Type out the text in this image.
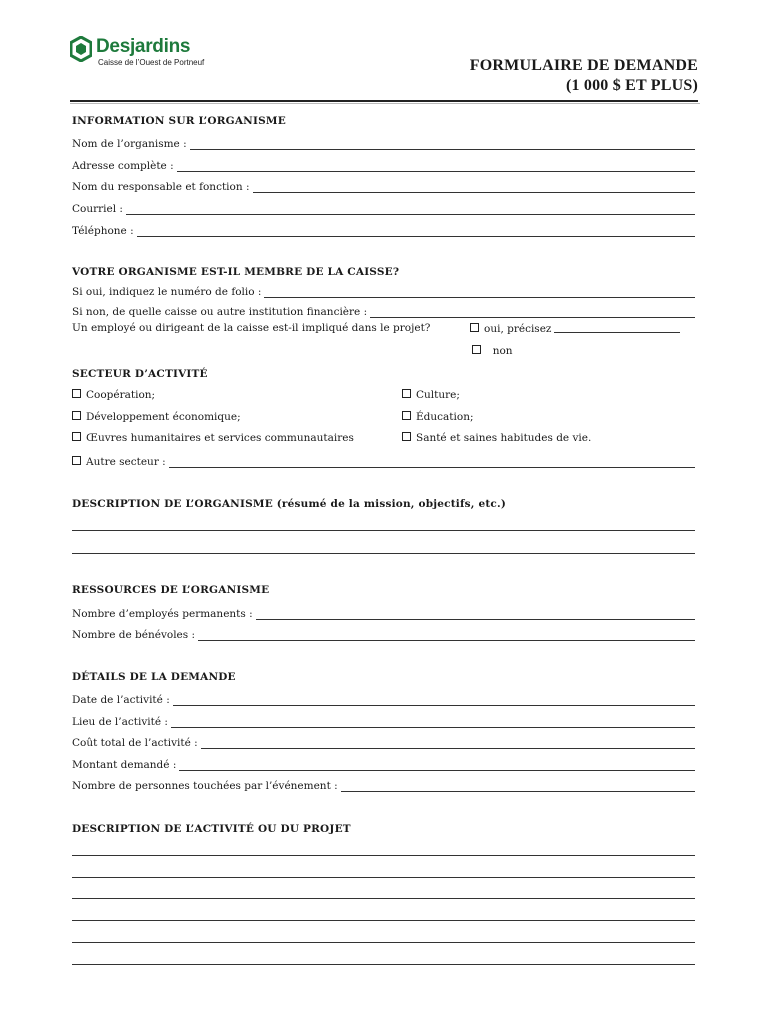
Desjardins
Caisse de l’Ouest de Portneuf	FORMULAIRE DE DEMANDE
(1 000 $ ET PLUS)
INFORMATION SUR L’ORGANISME
Nom de l’organisme :
Adresse complète :
Nom du responsable et fonction :
Courriel :
Téléphone :
VOTRE ORGANISME EST-IL MEMBRE DE LA CAISSE?
Si oui, indiquez le numéro de folio :
Si non, de quelle caisse ou autre institution financière :
Un employé ou dirigeant de la caisse est-il impliqué dans le projet?	oui, précisez
non
SECTEUR D’ACTIVITÉ
Coopération;	Culture;
Développement économique;	Éducation;
Œuvres humanitaires et services communautaires	Santé et saines habitudes de vie.
Autre secteur :
DESCRIPTION DE L’ORGANISME (résumé de la mission, objectifs, etc.)
RESSOURCES DE L’ORGANISME
Nombre d’employés permanents :
Nombre de bénévoles :
DÉTAILS DE LA DEMANDE
Date de l’activité :
Lieu de l’activité :
Coût total de l’activité :
Montant demandé :
Nombre de personnes touchées par l’événement :
DESCRIPTION DE L’ACTIVITÉ OU DU PROJET
